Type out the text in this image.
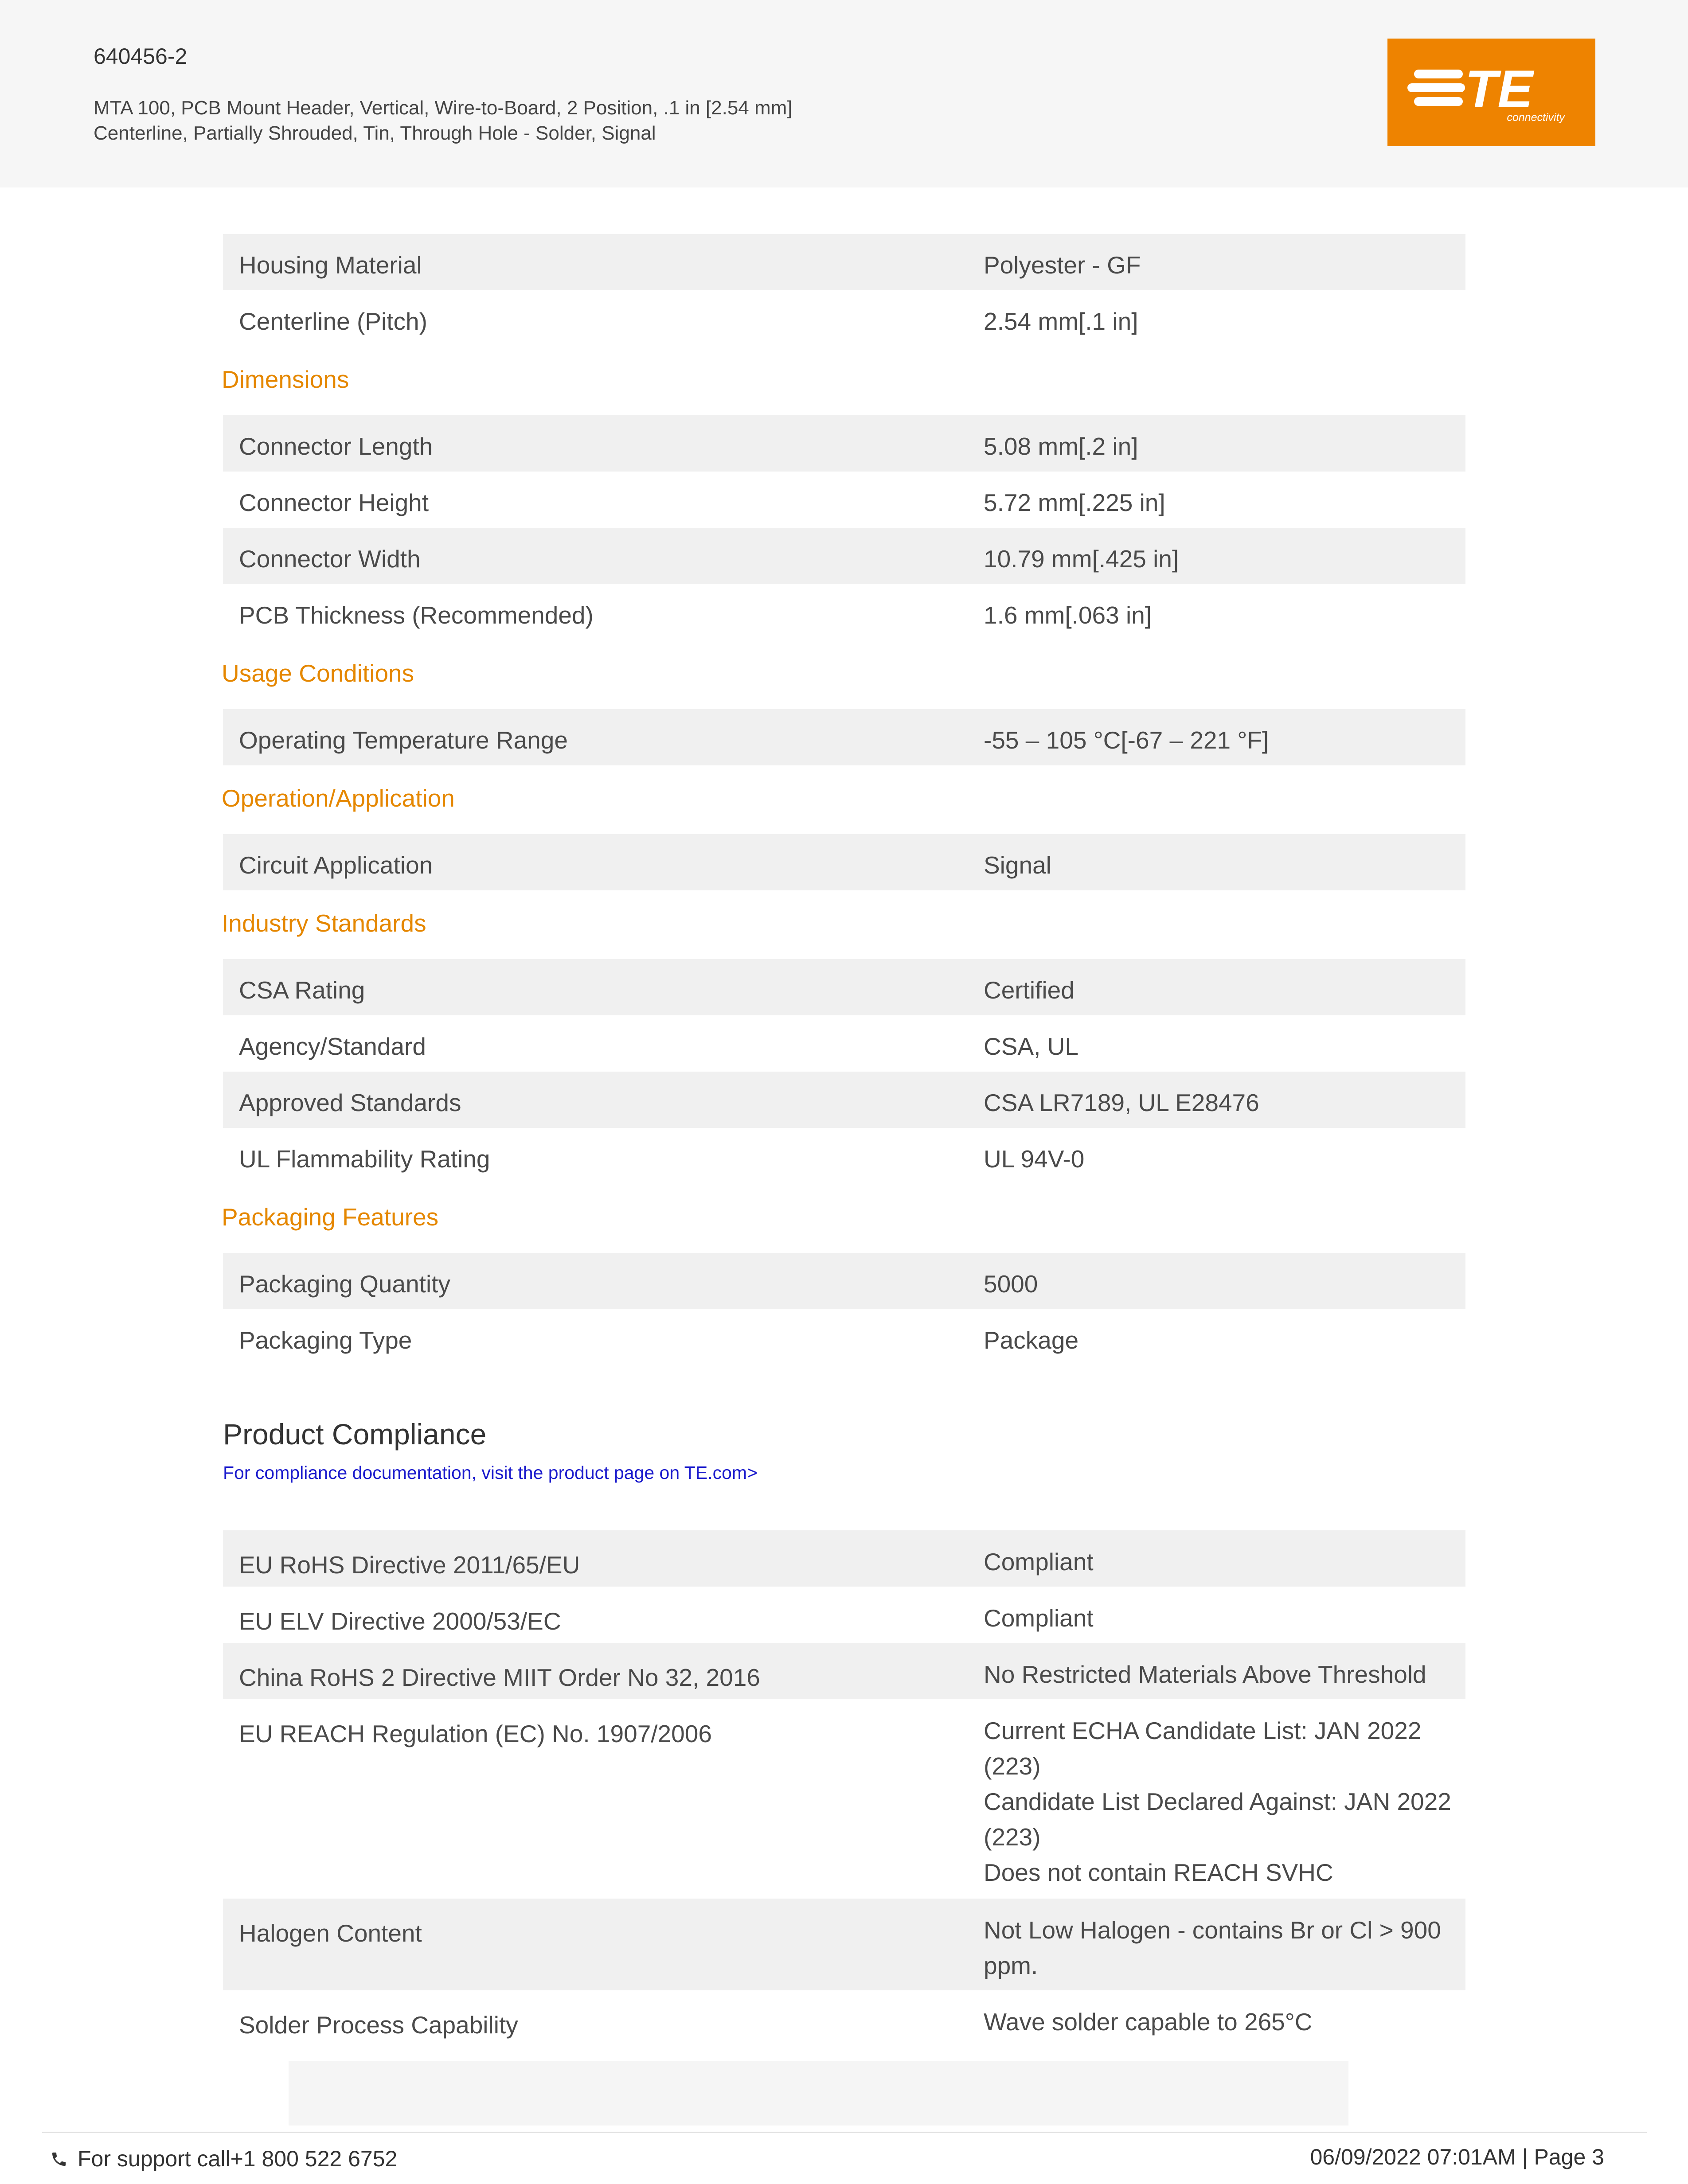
640456-2
MTA 100, PCB Mount Header, Vertical, Wire-to-Board, 2 Position, .1 in [2.54 mm]
Centerline, Partially Shrouded, Tin, Through Hole - Solder, Signal
TE
connectivity
Housing Material	Polyester - GF
Centerline (Pitch)	2.54 mm[.1 in]
Dimensions
Connector Length	5.08 mm[.2 in]
Connector Height	5.72 mm[.225 in]
Connector Width	10.79 mm[.425 in]
PCB Thickness (Recommended)	1.6 mm[.063 in]
Usage Conditions
Operating Temperature Range	-55 – 105 °C[-67 – 221 °F]
Operation/Application
Circuit Application	Signal
Industry Standards
CSA Rating	Certified
Agency/Standard	CSA, UL
Approved Standards	CSA LR7189, UL E28476
UL Flammability Rating	UL 94V-0
Packaging Features
Packaging Quantity	5000
Packaging Type	Package
Product Compliance
For compliance documentation, visit the product page on TE.com>
EU RoHS Directive 2011/65/EU	Compliant
EU ELV Directive 2000/53/EC	Compliant
China RoHS 2 Directive MIIT Order No 32, 2016	No Restricted Materials Above Threshold
EU REACH Regulation (EC) No. 1907/2006	Current ECHA Candidate List: JAN 2022
(223)
Candidate List Declared Against: JAN 2022
(223)
Does not contain REACH SVHC
Halogen Content	Not Low Halogen - contains Br or Cl > 900
ppm.
Solder Process Capability	Wave solder capable to 265°C
For support call+1 800 522 6752	06/09/2022 07:01AM | Page 3
